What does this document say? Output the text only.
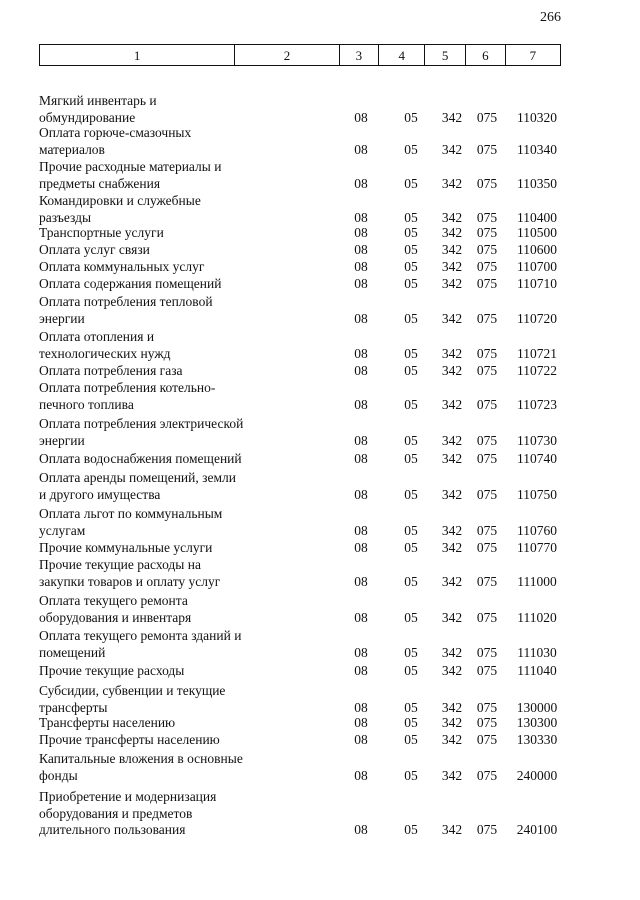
266
1	2	3	4	5	6	7
Мягкий инвентарь и
обмундирование	08	05	342	075	110320
Оплата горюче-смазочных
материалов	08	05	342	075	110340
Прочие расходные материалы и
предметы снабжения	08	05	342	075	110350
Командировки и служебные
разъезды	08	05	342	075	110400
Транспортные услуги	08	05	342	075	110500
Оплата услуг связи	08	05	342	075	110600
Оплата коммунальных услуг	08	05	342	075	110700
Оплата содержания помещений	08	05	342	075	110710
Оплата потребления тепловой
энергии	08	05	342	075	110720
Оплата отопления и
технологических нужд	08	05	342	075	110721
Оплата потребления газа	08	05	342	075	110722
Оплата потребления котельно-
печного топлива	08	05	342	075	110723
Оплата потребления электрической
энергии	08	05	342	075	110730
Оплата водоснабжения помещений	08	05	342	075	110740
Оплата аренды помещений, земли
и другого имущества	08	05	342	075	110750
Оплата льгот по коммунальным
услугам	08	05	342	075	110760
Прочие коммунальные услуги	08	05	342	075	110770
Прочие текущие расходы на
закупки товаров и оплату услуг	08	05	342	075	111000
Оплата текущего ремонта
оборудования и инвентаря	08	05	342	075	111020
Оплата текущего ремонта зданий и
помещений	08	05	342	075	111030
Прочие текущие расходы	08	05	342	075	111040
Субсидии, субвенции и текущие
трансферты	08	05	342	075	130000
Трансферты населению	08	05	342	075	130300
Прочие трансферты населению	08	05	342	075	130330
Капитальные вложения в основные
фонды	08	05	342	075	240000
Приобретение и модернизация
оборудования и предметов
длительного пользования	08	05	342	075	240100
